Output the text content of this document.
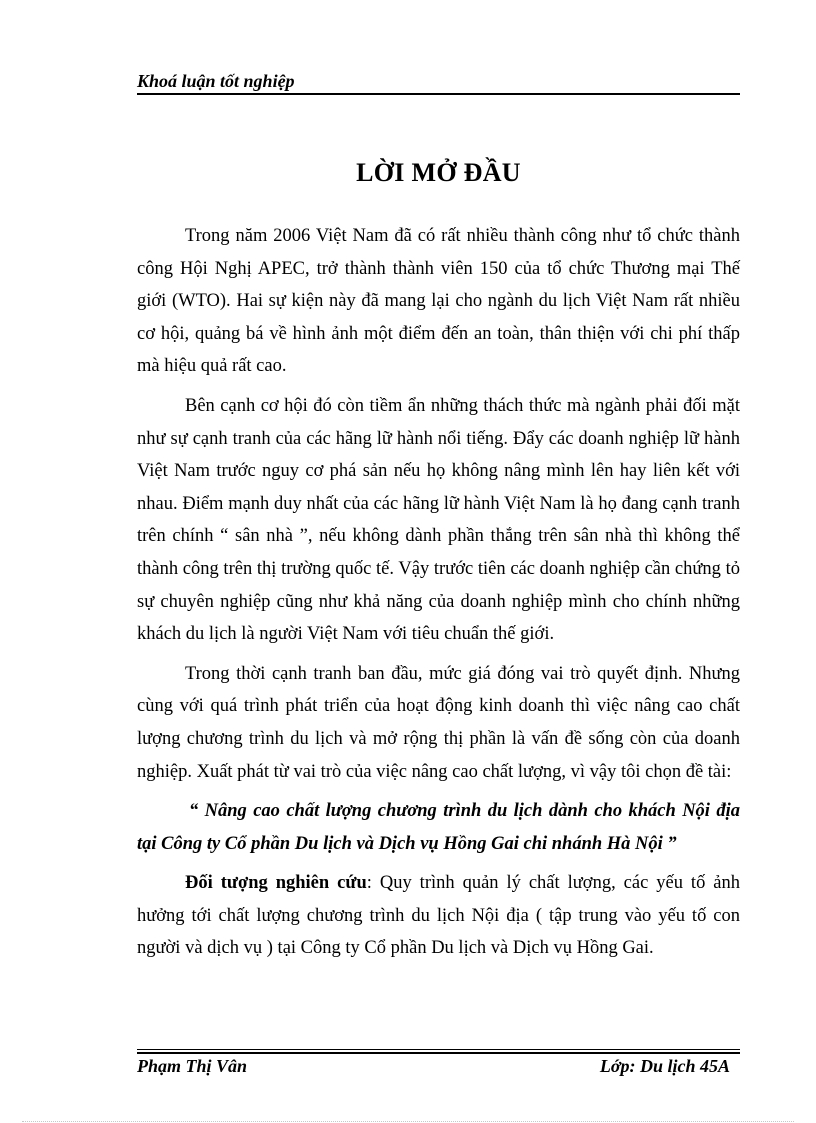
Khoá luận tốt nghiệp
LỜI MỞ ĐẦU

Trong năm 2006 Việt Nam đã có rất nhiều thành công như tổ chức thành công Hội Nghị APEC, trở thành thành viên 150 của tổ chức Thương mại Thế giới (WTO). Hai sự kiện này đã mang lại cho ngành du lịch Việt Nam rất nhiều cơ hội, quảng bá về hình ảnh một điểm đến an toàn, thân thiện với chi phí thấp mà hiệu quả rất cao.

Bên cạnh cơ hội đó còn tiềm ẩn những thách thức mà ngành phải đối mặt như sự cạnh tranh của các hãng lữ hành nổi tiếng. Đẩy các doanh nghiệp lữ hành Việt Nam trước nguy cơ phá sản nếu họ không nâng mình lên hay liên kết với nhau. Điểm mạnh duy nhất của các hãng lữ hành Việt Nam là họ đang cạnh tranh trên chính “ sân nhà ”, nếu không dành phần thắng trên sân nhà thì không thể thành công trên thị trường quốc tế. Vậy trước tiên các doanh nghiệp cần chứng tỏ sự chuyên nghiệp cũng như khả năng của doanh nghiệp mình cho chính những khách du lịch là người Việt Nam với tiêu chuẩn thế giới.

Trong thời cạnh tranh ban đầu, mức giá đóng vai trò quyết định. Nhưng cùng với quá trình phát triển của hoạt động kinh doanh thì việc nâng cao chất lượng chương trình du lịch và mở rộng thị phần là vấn đề sống còn của doanh nghiệp. Xuất phát từ vai trò của việc nâng cao chất lượng, vì vậy tôi chọn đề tài:

“ Nâng cao chất lượng chương trình du lịch dành cho khách Nội địa tại Công ty Cổ phần Du lịch và Dịch vụ Hồng Gai chi nhánh Hà Nội ”

Đối tượng nghiên cứu: Quy trình quản lý chất lượng, các yếu tố ảnh hưởng tới chất lượng chương trình du lịch Nội địa ( tập trung vào yếu tố con người và dịch vụ ) tại Công ty Cổ phần Du lịch và Dịch vụ Hồng Gai.

Phạm Thị Vân	Lớp: Du lịch 45A
